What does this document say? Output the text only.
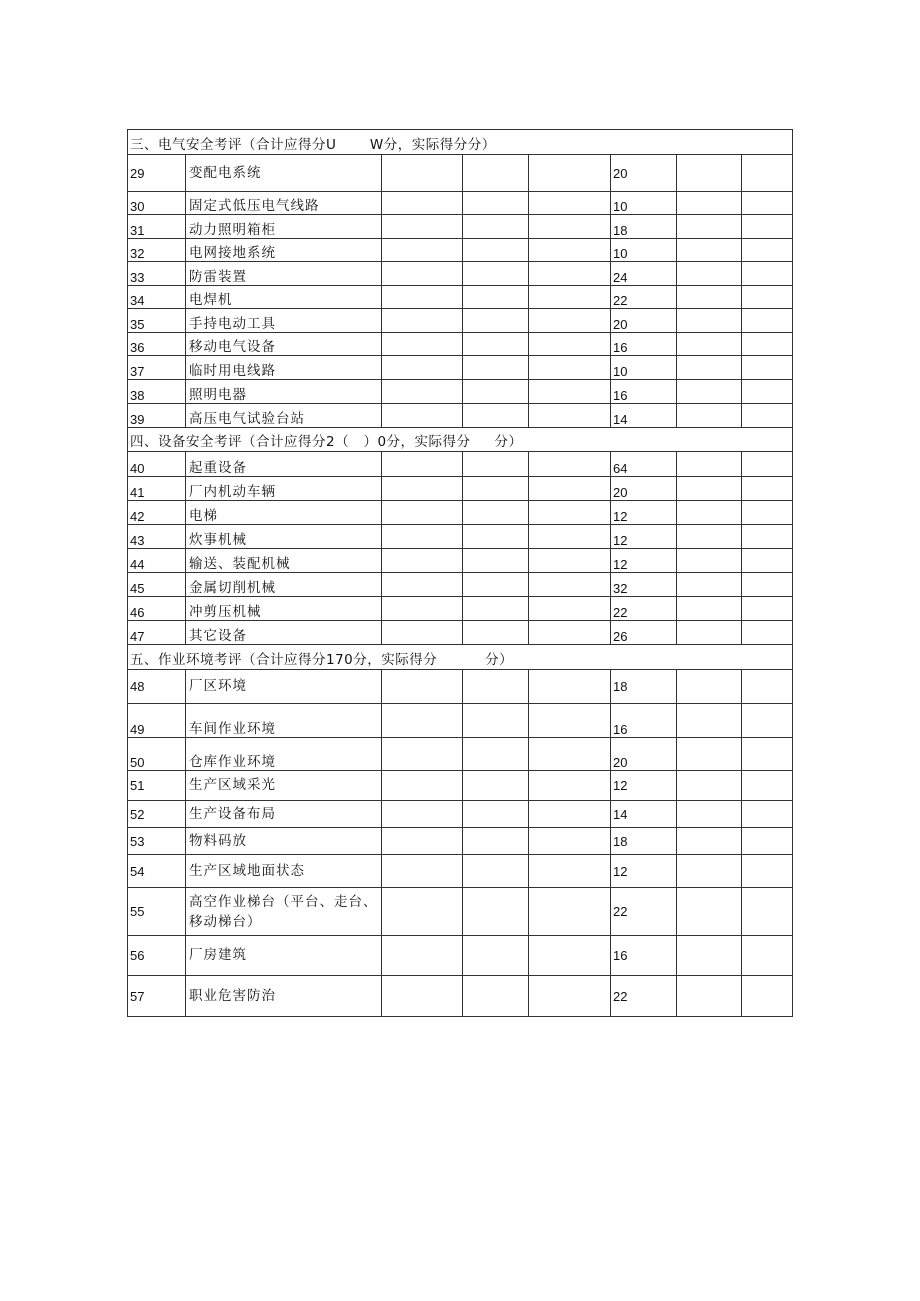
三、电气安全考评（合计应得分U       W分，实际得分分）							
29	变配电系统				20		
30	固定式低压电气线路				10		
31	动力照明箱柜				18		
32	电网接地系统				10		
33	防雷装置				24		
34	电焊机				22		
35	手持电动工具				20		
36	移动电气设备				16		
37	临时用电线路				10		
38	照明电器				16		
39	高压电气试验台站				14		
四、设备安全考评（合计应得分2（   ）0分，实际得分     分）							
40	起重设备				64		
41	厂内机动车辆				20		
42	电梯				12		
43	炊事机械				12		
44	输送、装配机械				12		
45	金属切削机械				32		
46	冲剪压机械				22		
47	其它设备				26		
五、作业环境考评（合计应得分170分，实际得分          分）							
48	厂区环境				18		
49	车间作业环境				16		
50	仓库作业环境				20		
51	生产区域采光				12		
52	生产设备布局				14		
53	物料码放				18		
54	生产区域地面状态				12		
55	高空作业梯台（平台、走台、移动梯台）				22		
56	厂房建筑				16		
57	职业危害防治				22		
